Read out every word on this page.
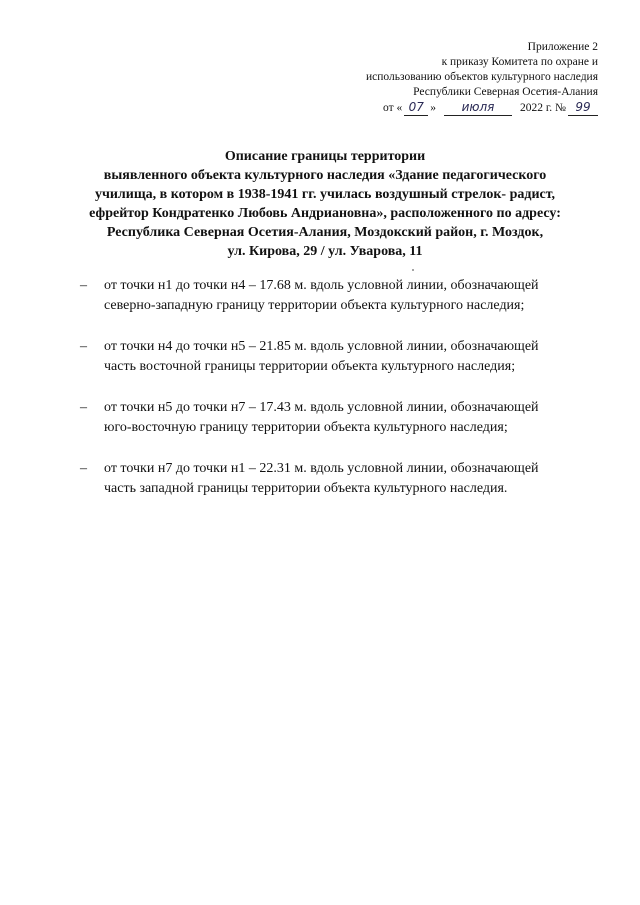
Приложение 2
к приказу Комитета по охране и
использованию объектов культурного наследия
Республики Северная Осетия-Алания
от « 07 »	июля	2022 г. № 99
Описание границы территории
выявленного объекта культурного наследия «Здание педагогического
училища, в котором в 1938-1941 гг. училась воздушный стрелок- радист,
ефрейтор Кондратенко Любовь Андриановна», расположенного по адресу:
Республика Северная Осетия-Алания, Моздокский район, г. Моздок,
ул. Кирова, 29 / ул. Уварова, 11
–	от точки н1 до точки н4 – 17.68 м. вдоль условной линии, обозначающей
северно-западную границу территории объекта культурного наследия;
–	от точки н4 до точки н5 – 21.85 м. вдоль условной линии, обозначающей
часть восточной границы территории объекта культурного наследия;
–	от точки н5 до точки н7 – 17.43 м. вдоль условной линии, обозначающей
юго-восточную границу территории объекта культурного наследия;
–	от точки н7 до точки н1 – 22.31 м. вдоль условной линии, обозначающей
часть западной границы территории объекта культурного наследия.
